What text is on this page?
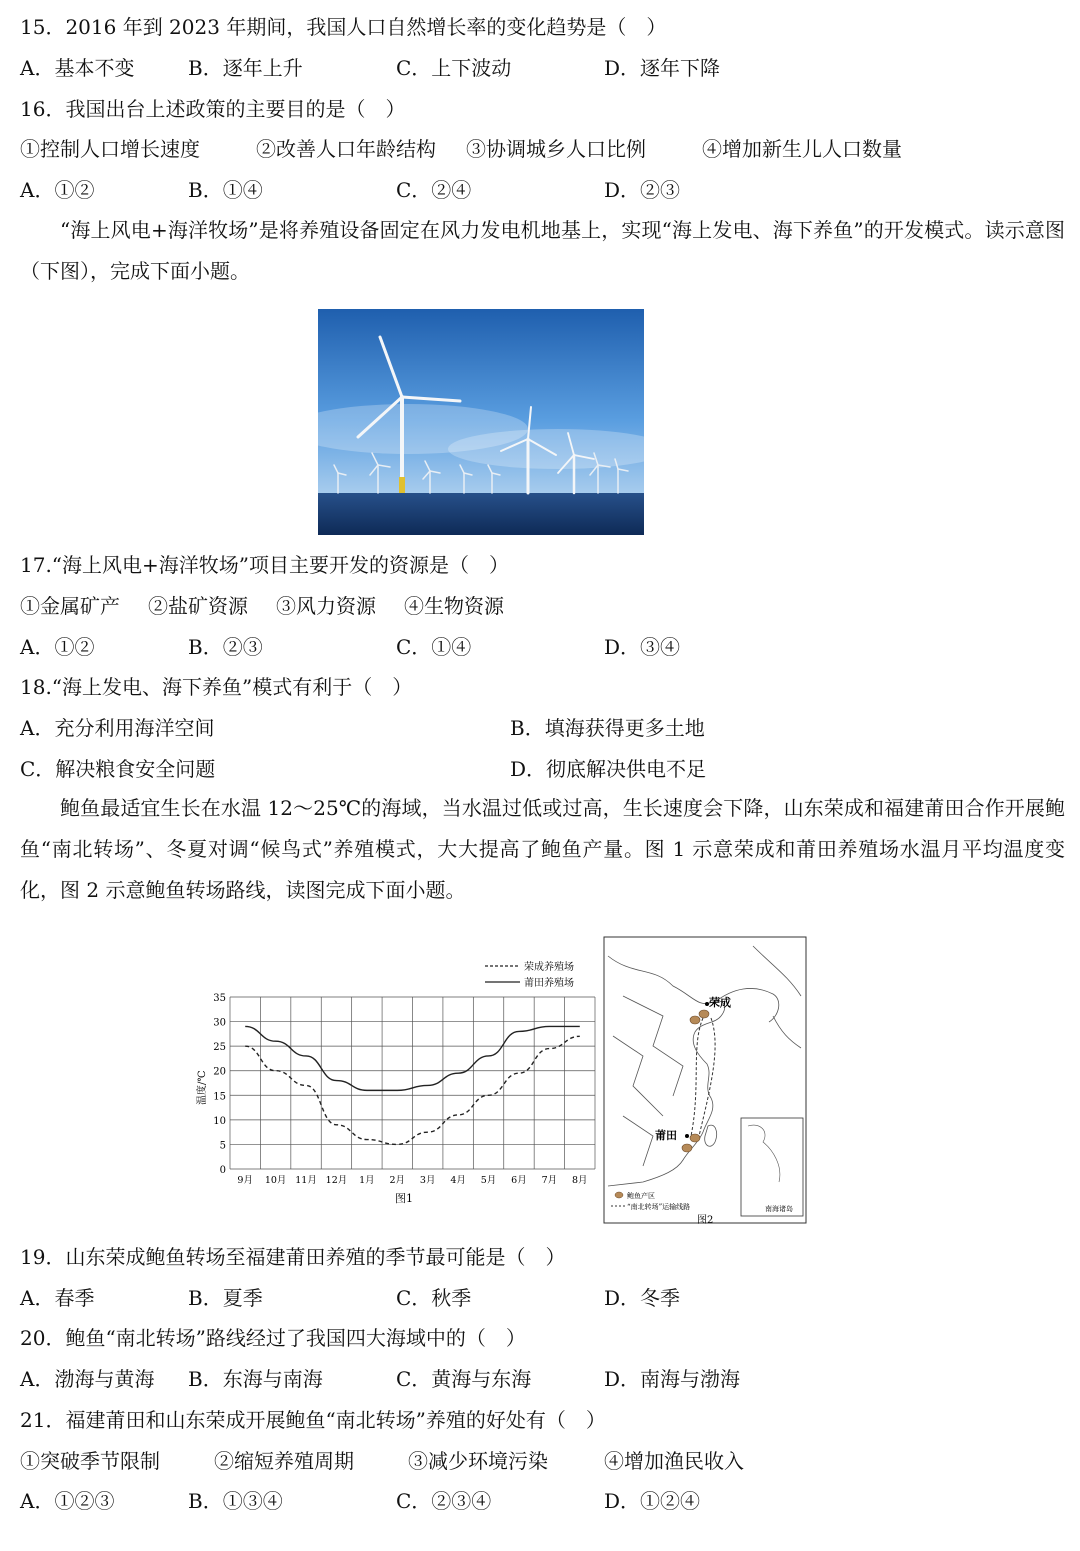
15．2016 年到 2023 年期间，我国人口自然增长率的变化趋势是（　）
A．基本不变	B．逐年上升	C．上下波动	D．逐年下降
16．我国出台上述政策的主要目的是（　）
①控制人口增长速度	②改善人口年龄结构 ③协调城乡人口比例	④增加新生儿人口数量
A．①②	B．①④	C．②④	D．②③
“海上风电+海洋牧场”是将养殖设备固定在风力发电机地基上，实现“海上发电、海下养鱼”的开发模式。读示意图（下图），完成下面小题。
17.“海上风电+海洋牧场”项目主要开发的资源是（　）
①金属矿产 ②盐矿资源 ③风力资源 ④生物资源
A．①②	B．②③	C．①④	D．③④
18.“海上发电、海下养鱼”模式有利于（　）
A．充分利用海洋空间	B．填海获得更多土地
C．解决粮食安全问题	D．彻底解决供电不足
鲍鱼最适宜生长在水温 12～25℃的海域，当水温过低或过高，生长速度会下降，山东荣成和福建莆田合作开展鲍鱼“南北转场”、冬夏对调“候鸟式”养殖模式，大大提高了鲍鱼产量。图 1 示意荣成和莆田养殖场水温月平均温度变化，图 2 示意鲍鱼转场路线，读图完成下面小题。
0
5
10
15
20
25
30
35
9月 10月 11月 12月 1月 2月 3月 4月 5月 6月 7月 8月
荣成养殖场
莆田养殖场
温度/℃
图1
荣成
莆田
南海诸岛
鲍鱼产区
“南北转场”运输线路
图2
19．山东荣成鲍鱼转场至福建莆田养殖的季节最可能是（　）
A．春季	B．夏季	C．秋季	D．冬季
20．鲍鱼“南北转场”路线经过了我国四大海域中的（　）
A．渤海与黄海 B．东海与南海	C．黄海与东海	D．南海与渤海
21．福建莆田和山东荣成开展鲍鱼“南北转场”养殖的好处有（　）
①突破季节限制	②缩短养殖周期	③减少环境污染	④增加渔民收入
A．①②③	B．①③④	C．②③④	D．①②④
